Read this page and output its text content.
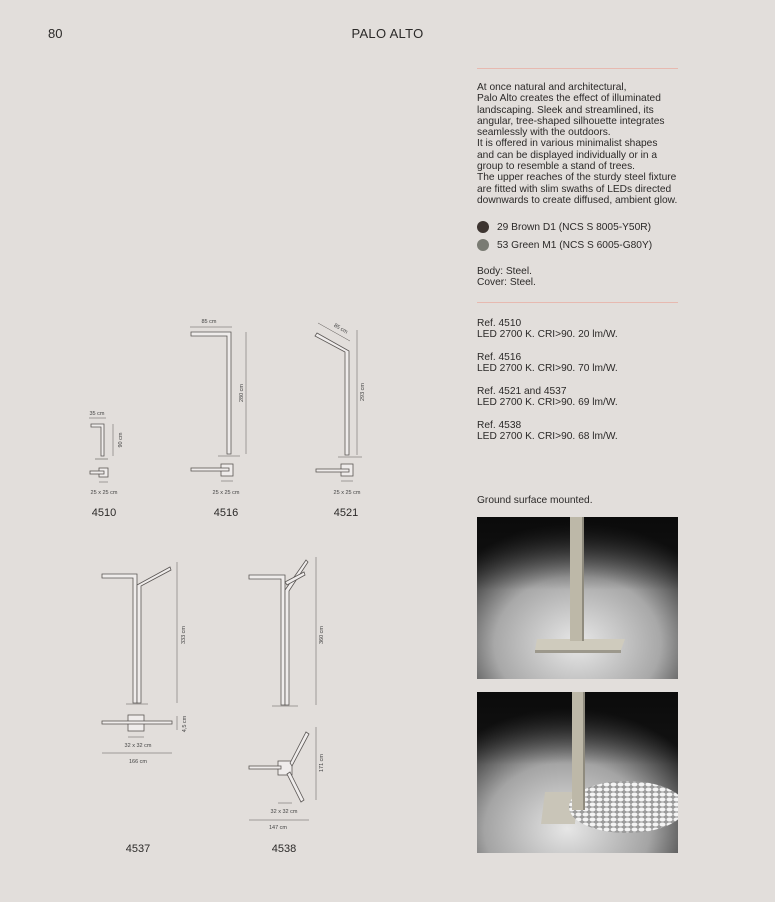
80	PALO ALTO
At once natural and architectural,
Palo Alto creates the effect of illuminated
landscaping. Sleek and streamlined, its
angular, tree-shaped silhouette integrates
seamlessly with the outdoors.
It is offered in various minimalist shapes
and can be displayed individually or in a
group to resemble a stand of trees.
The upper reaches of the sturdy steel fixture
are fitted with slim swaths of LEDs directed
downwards to create diffused, ambient glow.
29 Brown D1 (NCS S 8005-Y50R)
53 Green M1 (NCS S 6005-G80Y)
Body: Steel.
Cover: Steel.
Ref. 4510
LED 2700 K. CRI>90. 20 lm/W.
Ref. 4516
LED 2700 K. CRI>90. 70 lm/W.
Ref. 4521 and 4537
LED 2700 K. CRI>90. 69 lm/W.
Ref. 4538
LED 2700 K. CRI>90. 68 lm/W.
Ground surface mounted.
35 cm
90 cm
25 x 25 cm
85 cm
280 cm
25 x 25 cm
85 cm
293 cm
25 x 25 cm
333 cm
4,5 cm
32 x 32 cm
166 cm
360 cm
171 cm
32 x 32 cm
147 cm
4510	4516	4521
4537	4538
